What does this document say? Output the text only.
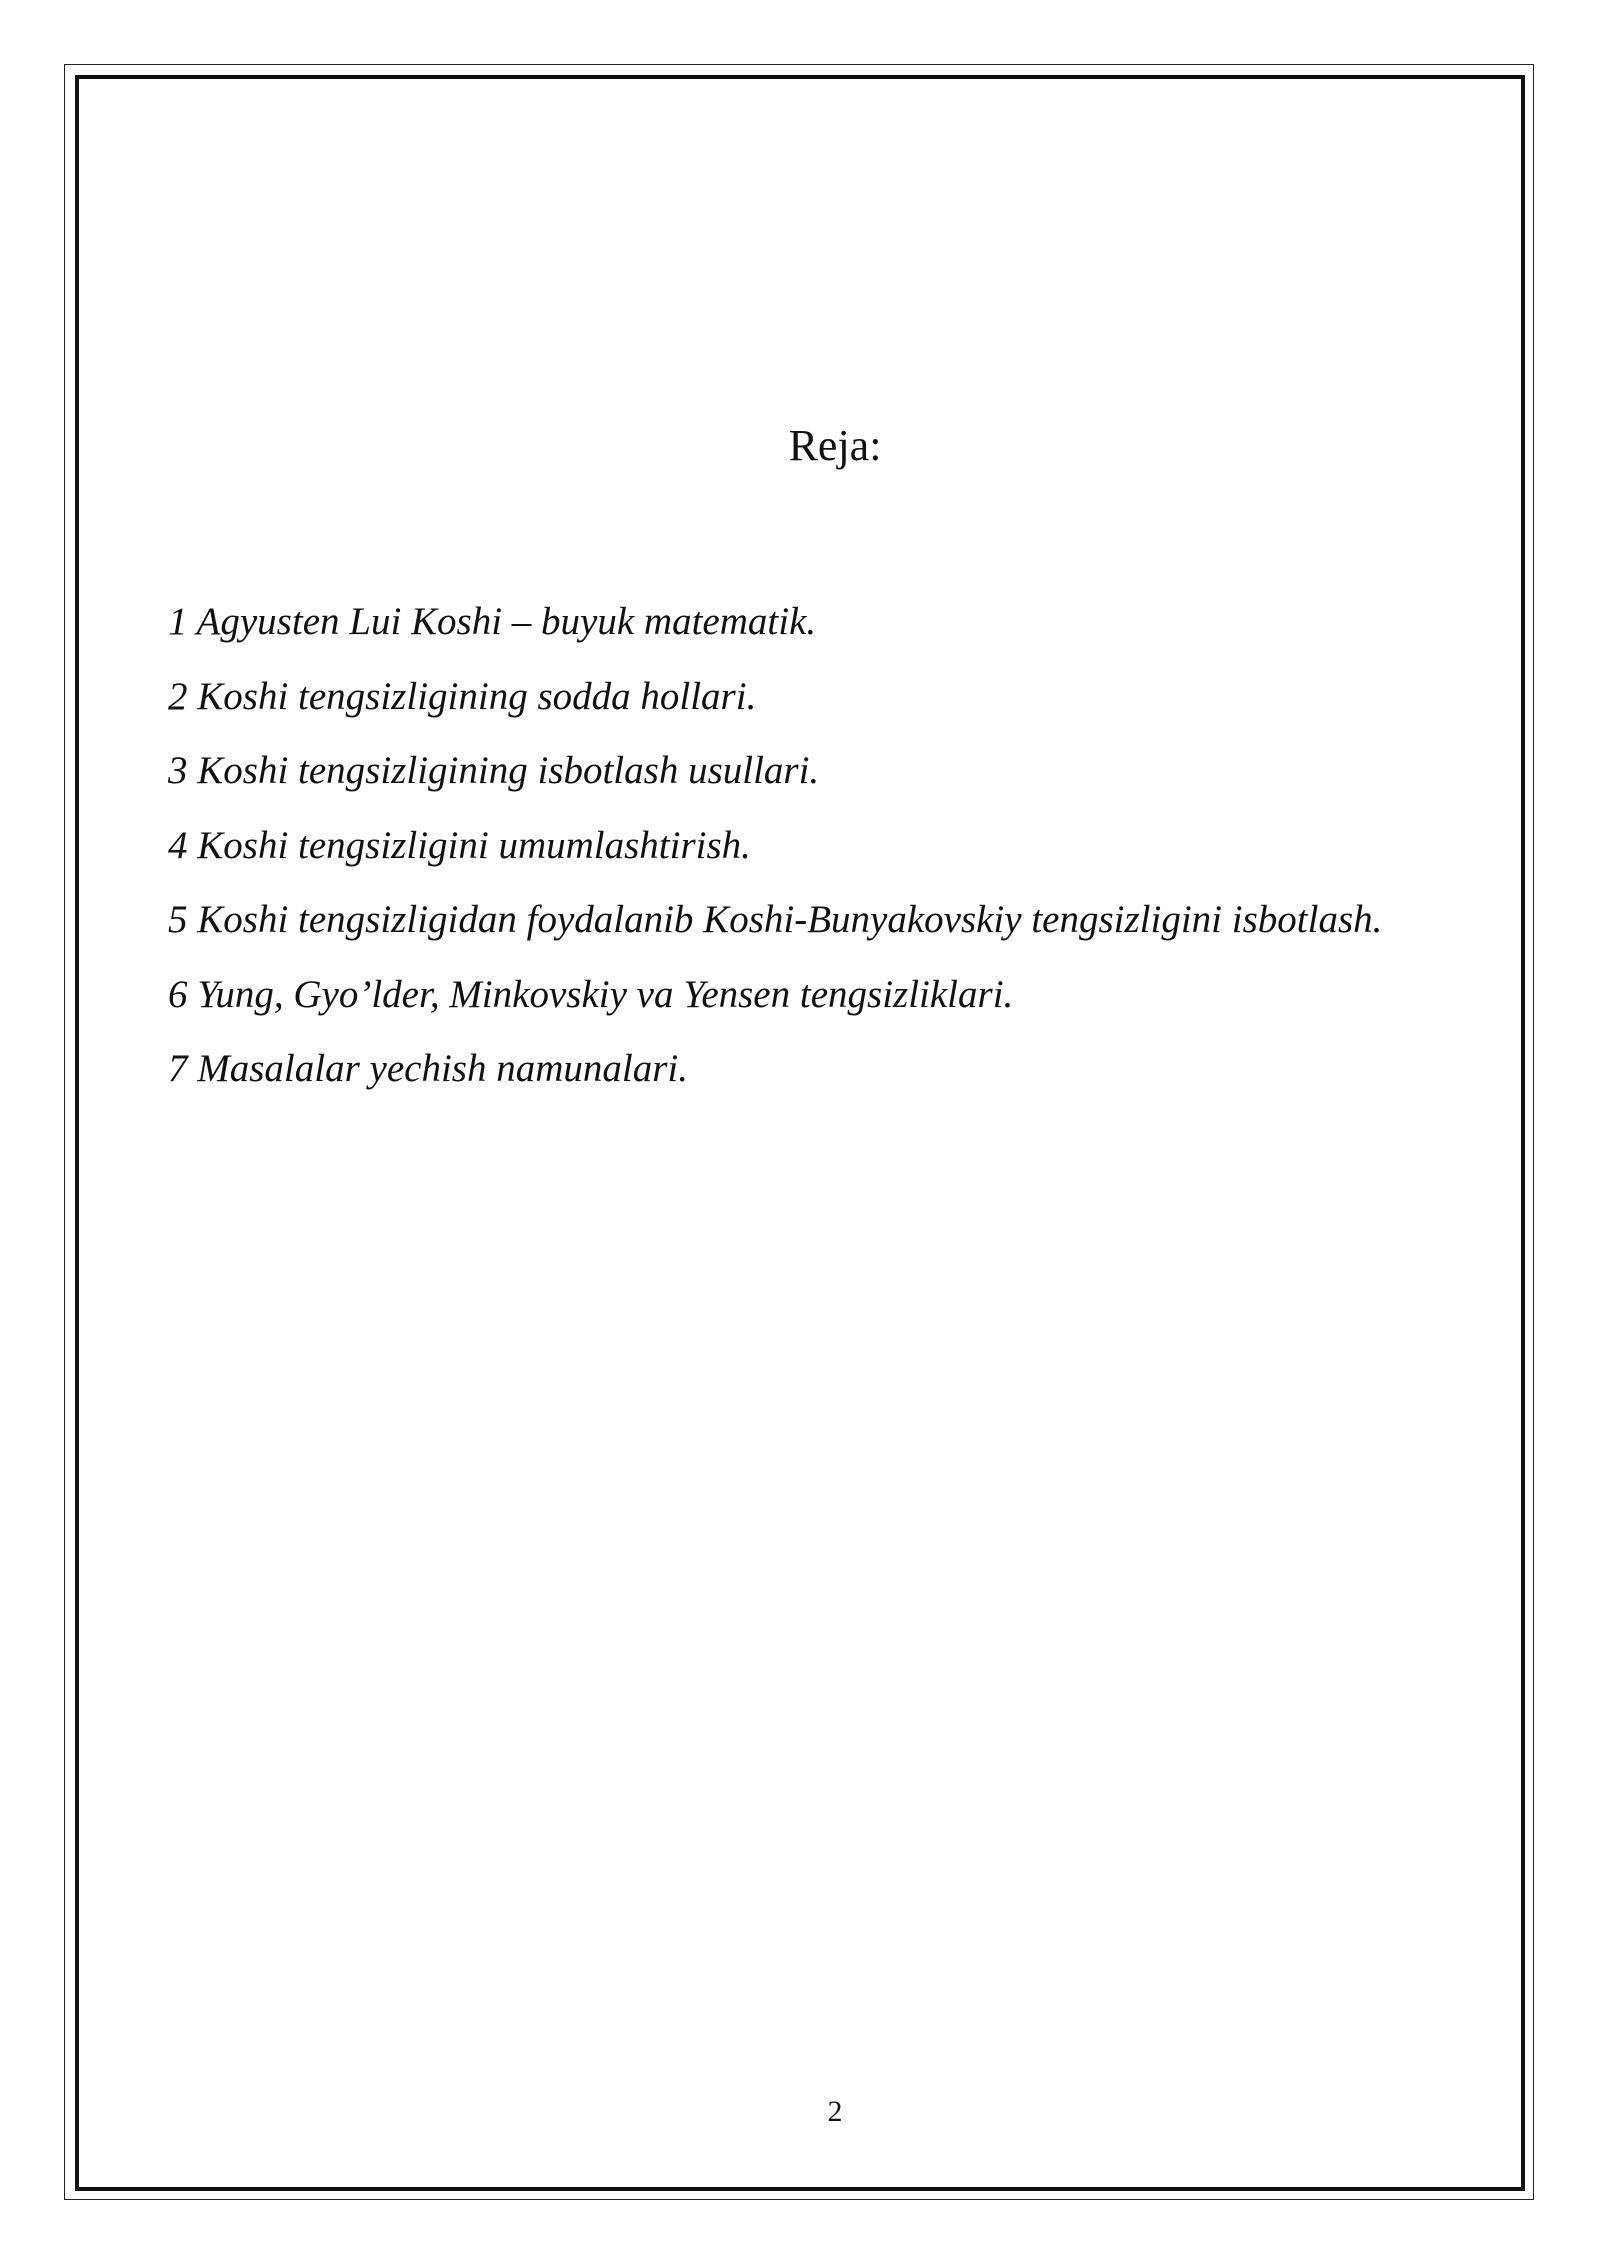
Reja:
1 Agyusten Lui Koshi – buyuk matematik.
2 Koshi tengsizligining sodda hollari.
3 Koshi tengsizligining isbotlash usullari.
4 Koshi tengsizligini umumlashtirish.
5 Koshi tengsizligidan foydalanib Koshi-Bunyakovskiy tengsizligini isbotlash.
6 Yung, Gyo’lder, Minkovskiy va Yensen tengsizliklari.
7 Masalalar yechish namunalari.
2
